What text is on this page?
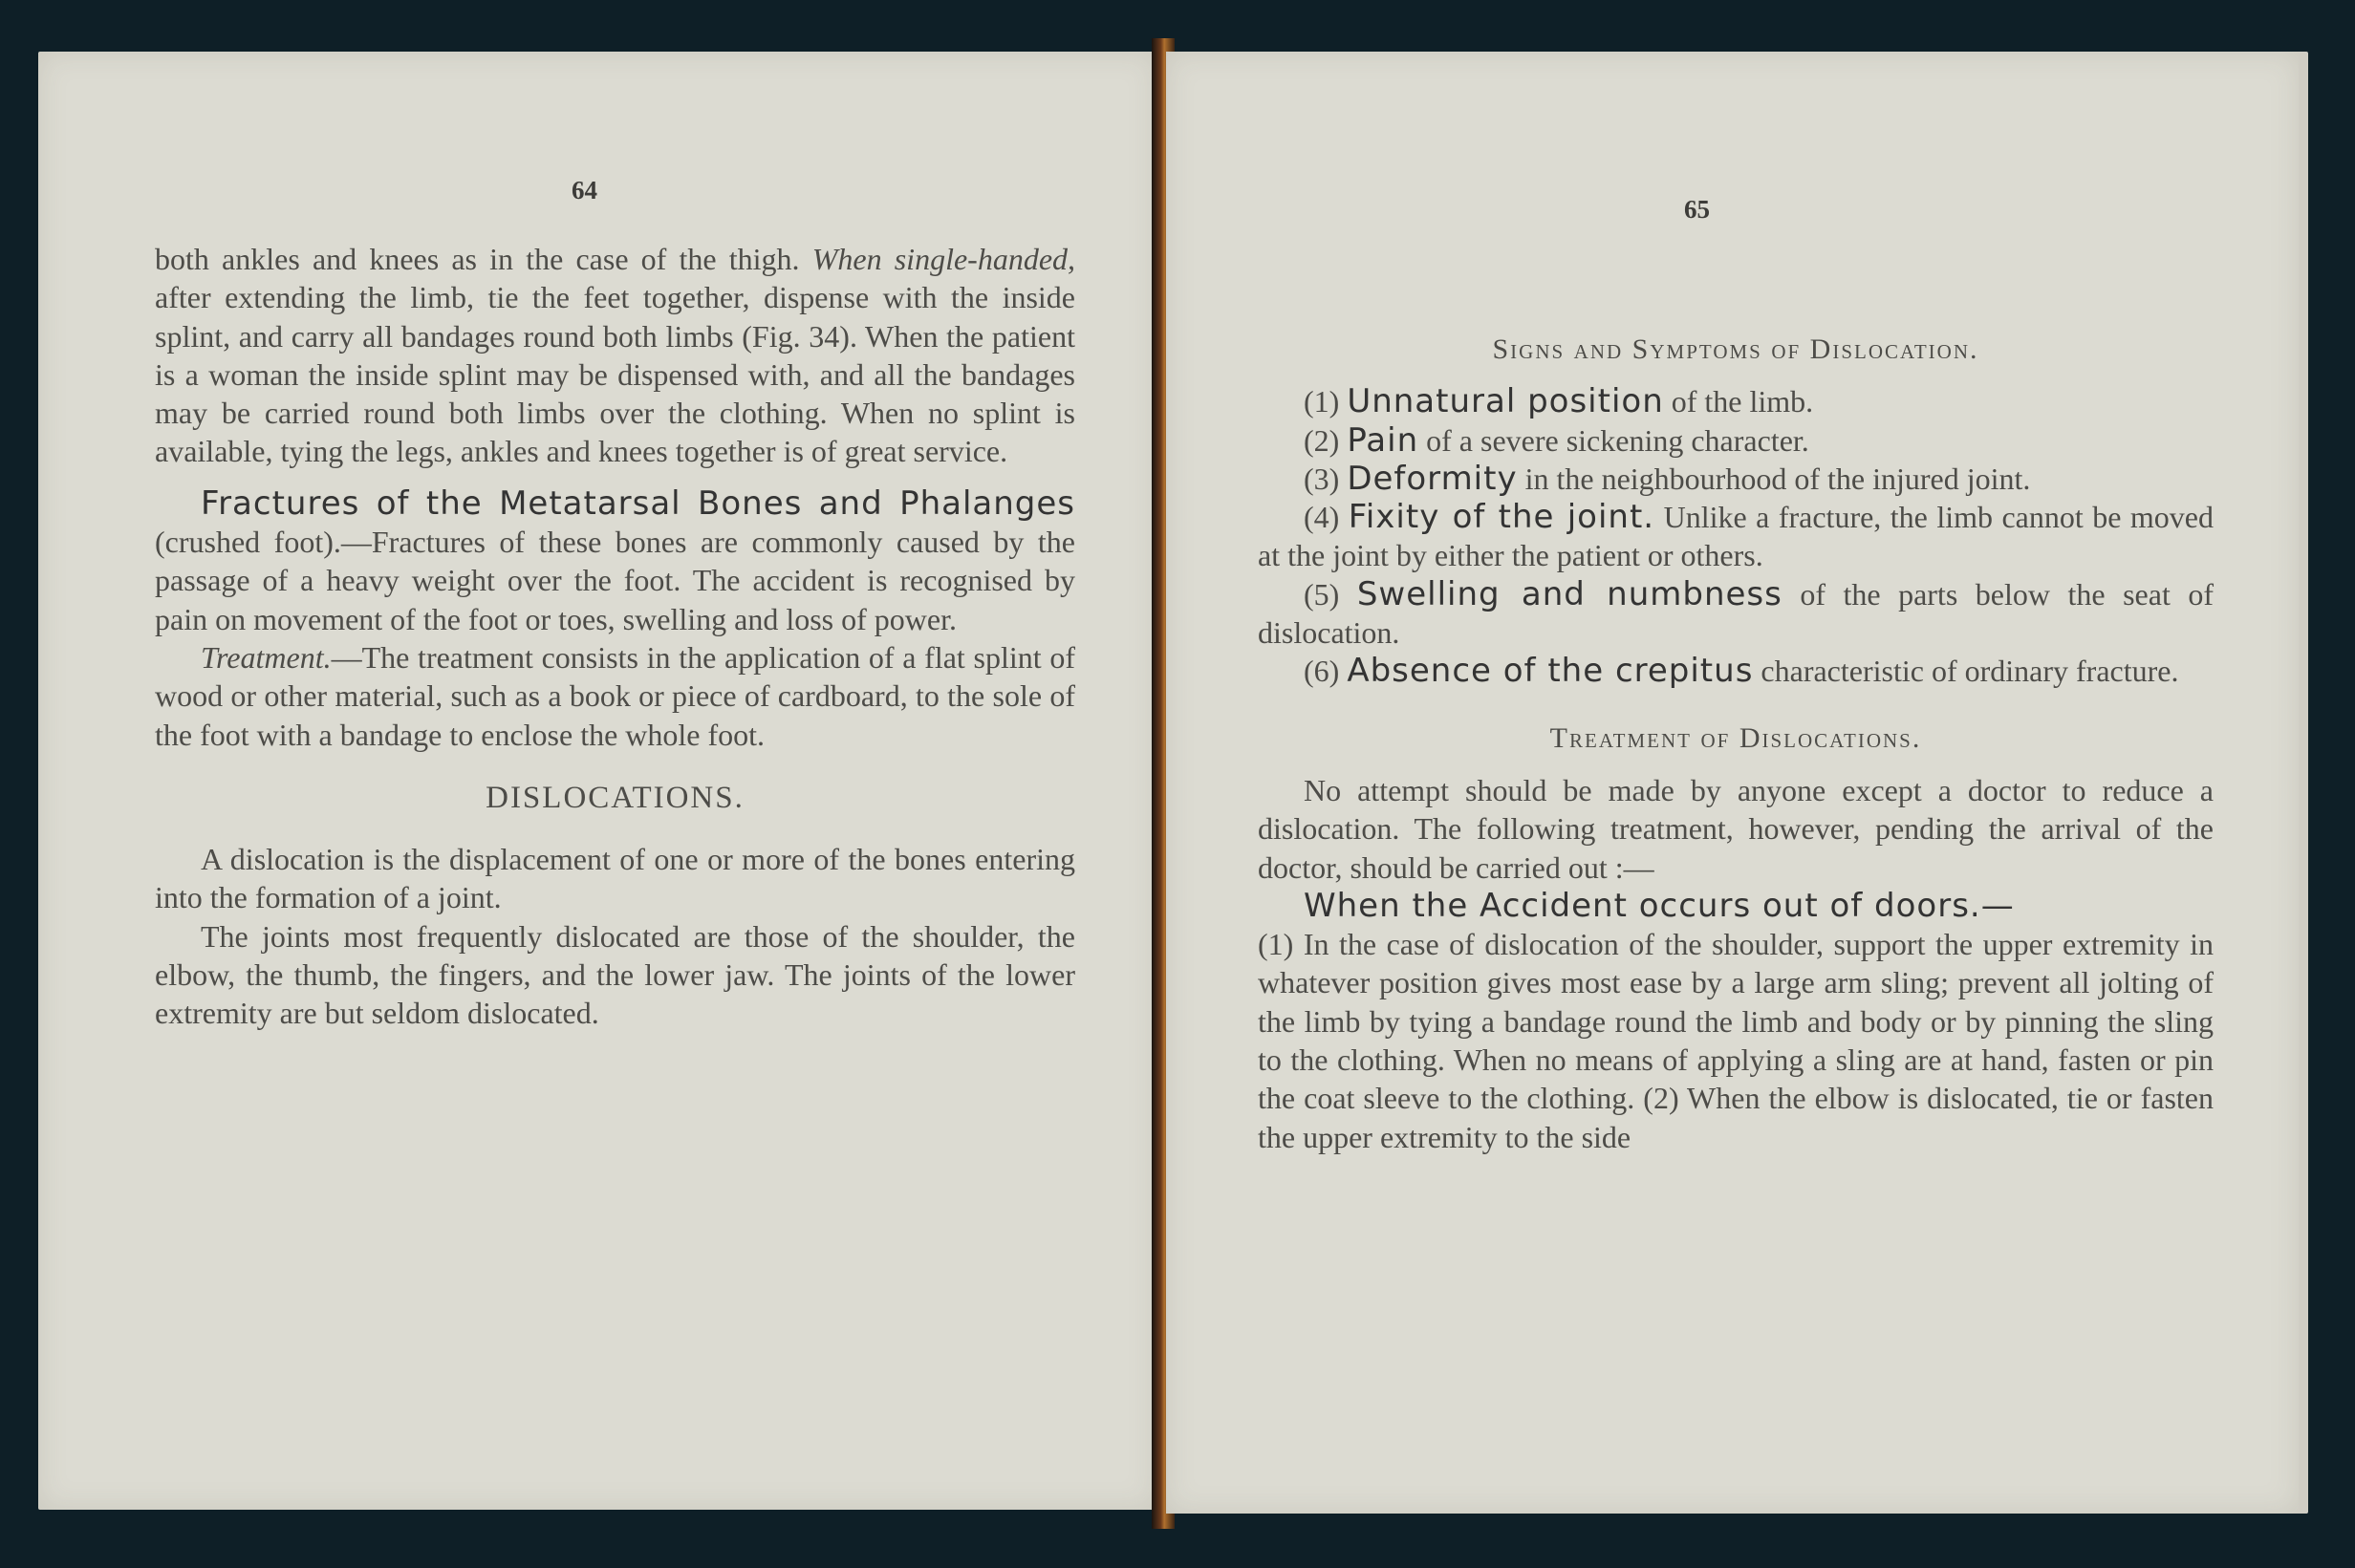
64

both ankles and knees as in the case of the thigh. When single-handed, after extending the limb, tie the feet together, dispense with the inside splint, and carry all bandages round both limbs (Fig. 34). When the patient is a woman the inside splint may be dispensed with, and all the bandages may be carried round both limbs over the clothing. When no splint is available, tying the legs, ankles and knees together is of great service.

Fractures of the Metatarsal Bones and Phalanges (crushed foot).—Fractures of these bones are commonly caused by the passage of a heavy weight over the foot. The accident is recognised by pain on movement of the foot or toes, swelling and loss of power.

Treatment.—The treatment consists in the application of a flat splint of wood or other material, such as a book or piece of cardboard, to the sole of the foot with a bandage to enclose the whole foot.

DISLOCATIONS.

A dislocation is the displacement of one or more of the bones entering into the formation of a joint.

The joints most frequently dislocated are those of the shoulder, the elbow, the thumb, the fingers, and the lower jaw. The joints of the lower extremity are but seldom dislocated.

65

Signs and Symptoms of Dislocation.

(1) Unnatural position of the limb.

(2) Pain of a severe sickening character.

(3) Deformity in the neighbourhood of the injured joint.

(4) Fixity of the joint. Unlike a fracture, the limb cannot be moved at the joint by either the patient or others.

(5) Swelling and numbness of the parts below the seat of dislocation.

(6) Absence of the crepitus characteristic of ordinary fracture.

Treatment of Dislocations.

No attempt should be made by anyone except a doctor to reduce a dislocation. The following treatment, however, pending the arrival of the doctor, should be carried out :—

When the Accident occurs out of doors.—

(1) In the case of dislocation of the shoulder, support the upper extremity in whatever position gives most ease by a large arm sling; prevent all jolting of the limb by tying a bandage round the limb and body or by pinning the sling to the clothing. When no means of applying a sling are at hand, fasten or pin the coat sleeve to the clothing. (2) When the elbow is dislocated, tie or fasten the upper extremity to the side
